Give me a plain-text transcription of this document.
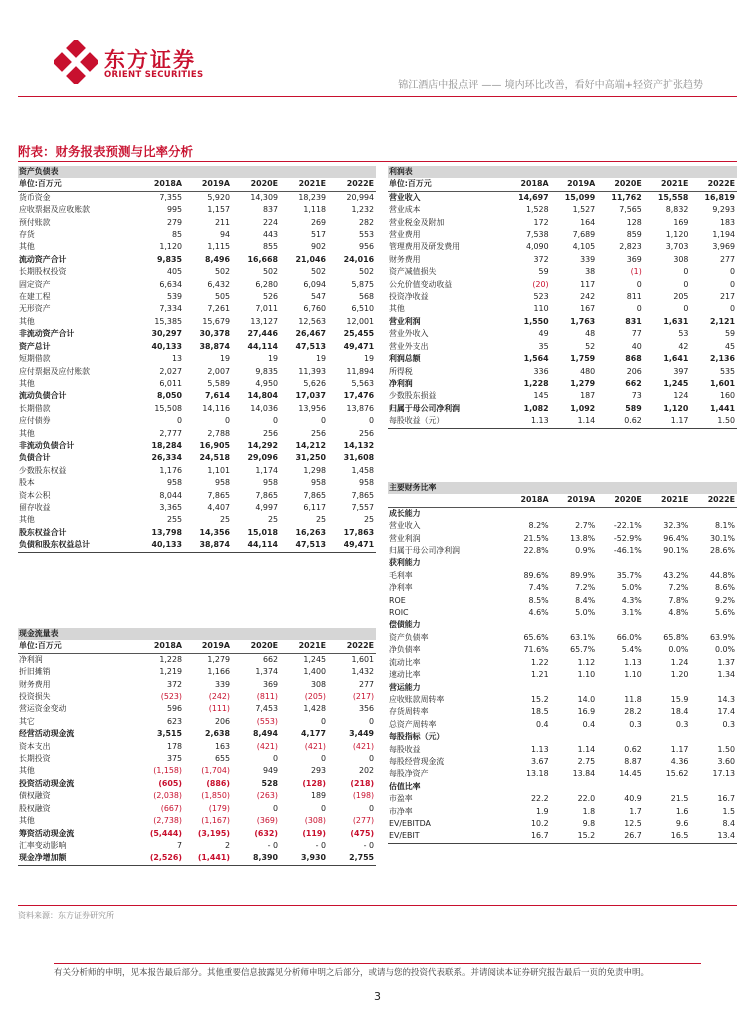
东方证券
ORIENT SECURITIES
锦江酒店中报点评 —— 境内环比改善，看好中高端+轻资产扩张趋势
附表：财务报表预测与比率分析
资产负债表					
单位:百万元	2018A	2019A	2020E	2021E	2022E
货币资金	7,355	5,920	14,309	18,239	20,994
应收票据及应收账款	995	1,157	837	1,118	1,232
预付账款	279	211	224	269	282
存货	85	94	443	517	553
其他	1,120	1,115	855	902	956
流动资产合计	9,835	8,496	16,668	21,046	24,016
长期股权投资	405	502	502	502	502
固定资产	6,634	6,432	6,280	6,094	5,875
在建工程	539	505	526	547	568
无形资产	7,334	7,261	7,011	6,760	6,510
其他	15,385	15,679	13,127	12,563	12,001
非流动资产合计	30,297	30,378	27,446	26,467	25,455
资产总计	40,133	38,874	44,114	47,513	49,471
短期借款	13	19	19	19	19
应付票据及应付账款	2,027	2,007	9,835	11,393	11,894
其他	6,011	5,589	4,950	5,626	5,563
流动负债合计	8,050	7,614	14,804	17,037	17,476
长期借款	15,508	14,116	14,036	13,956	13,876
应付债券	0	0	0	0	0
其他	2,777	2,788	256	256	256
非流动负债合计	18,284	16,905	14,292	14,212	14,132
负债合计	26,334	24,518	29,096	31,250	31,608
少数股东权益	1,176	1,101	1,174	1,298	1,458
股本	958	958	958	958	958
资本公积	8,044	7,865	7,865	7,865	7,865
留存收益	3,365	4,407	4,997	6,117	7,557
其他	255	25	25	25	25
股东权益合计	13,798	14,356	15,018	16,263	17,863
负债和股东权益总计	40,133	38,874	44,114	47,513	49,471
现金流量表					
单位:百万元	2018A	2019A	2020E	2021E	2022E
净利润	1,228	1,279	662	1,245	1,601
折旧摊销	1,219	1,166	1,374	1,400	1,432
财务费用	372	339	369	308	277
投资损失	(523)	(242)	(811)	(205)	(217)
营运资金变动	596	(111)	7,453	1,428	356
其它	623	206	(553)	0	0
经营活动现金流	3,515	2,638	8,494	4,177	3,449
资本支出	178	163	(421)	(421)	(421)
长期投资	375	655	0	0	0
其他	(1,158)	(1,704)	949	293	202
投资活动现金流	(605)	(886)	528	(128)	(218)
债权融资	(2,038)	(1,850)	(263)	189	(198)
股权融资	(667)	(179)	0	0	0
其他	(2,738)	(1,167)	(369)	(308)	(277)
筹资活动现金流	(5,444)	(3,195)	(632)	(119)	(475)
汇率变动影响	7	2	- 0	- 0	- 0
现金净增加额	(2,526)	(1,441)	8,390	3,930	2,755
利润表					
单位:百万元	2018A	2019A	2020E	2021E	2022E
营业收入	14,697	15,099	11,762	15,558	16,819
营业成本	1,528	1,527	7,565	8,832	9,293
营业税金及附加	172	164	128	169	183
营业费用	7,538	7,689	859	1,120	1,194
管理费用及研发费用	4,090	4,105	2,823	3,703	3,969
财务费用	372	339	369	308	277
资产减值损失	59	38	(1)	0	0
公允价值变动收益	(20)	117	0	0	0
投资净收益	523	242	811	205	217
其他	110	167	0	0	0
营业利润	1,550	1,763	831	1,631	2,121
营业外收入	49	48	77	53	59
营业外支出	35	52	40	42	45
利润总额	1,564	1,759	868	1,641	2,136
所得税	336	480	206	397	535
净利润	1,228	1,279	662	1,245	1,601
少数股东损益	145	187	73	124	160
归属于母公司净利润	1,082	1,092	589	1,120	1,441
每股收益（元）	1.13	1.14	0.62	1.17	1.50
主要财务比率					
	2018A	2019A	2020E	2021E	2022E
成长能力					
营业收入	8.2%	2.7%	-22.1%	32.3%	8.1%
营业利润	21.5%	13.8%	-52.9%	96.4%	30.1%
归属于母公司净利润	22.8%	0.9%	-46.1%	90.1%	28.6%
获利能力					
毛利率	89.6%	89.9%	35.7%	43.2%	44.8%
净利率	7.4%	7.2%	5.0%	7.2%	8.6%
ROE	8.5%	8.4%	4.3%	7.8%	9.2%
ROIC	4.6%	5.0%	3.1%	4.8%	5.6%
偿债能力					
资产负债率	65.6%	63.1%	66.0%	65.8%	63.9%
净负债率	71.6%	65.7%	5.4%	0.0%	0.0%
流动比率	1.22	1.12	1.13	1.24	1.37
速动比率	1.21	1.10	1.10	1.20	1.34
营运能力					
应收账款周转率	15.2	14.0	11.8	15.9	14.3
存货周转率	18.5	16.9	28.2	18.4	17.4
总资产周转率	0.4	0.4	0.3	0.3	0.3
每股指标（元）					
每股收益	1.13	1.14	0.62	1.17	1.50
每股经营现金流	3.67	2.75	8.87	4.36	3.60
每股净资产	13.18	13.84	14.45	15.62	17.13
估值比率					
市盈率	22.2	22.0	40.9	21.5	16.7
市净率	1.9	1.8	1.7	1.6	1.5
EV/EBITDA	10.2	9.8	12.5	9.6	8.4
EV/EBIT	16.7	15.2	26.7	16.5	13.4
资料来源：东方证券研究所
有关分析师的申明，见本报告最后部分。其他重要信息披露见分析师申明之后部分，或请与您的投资代表联系。并请阅读本证券研究报告最后一页的免责申明。
3
